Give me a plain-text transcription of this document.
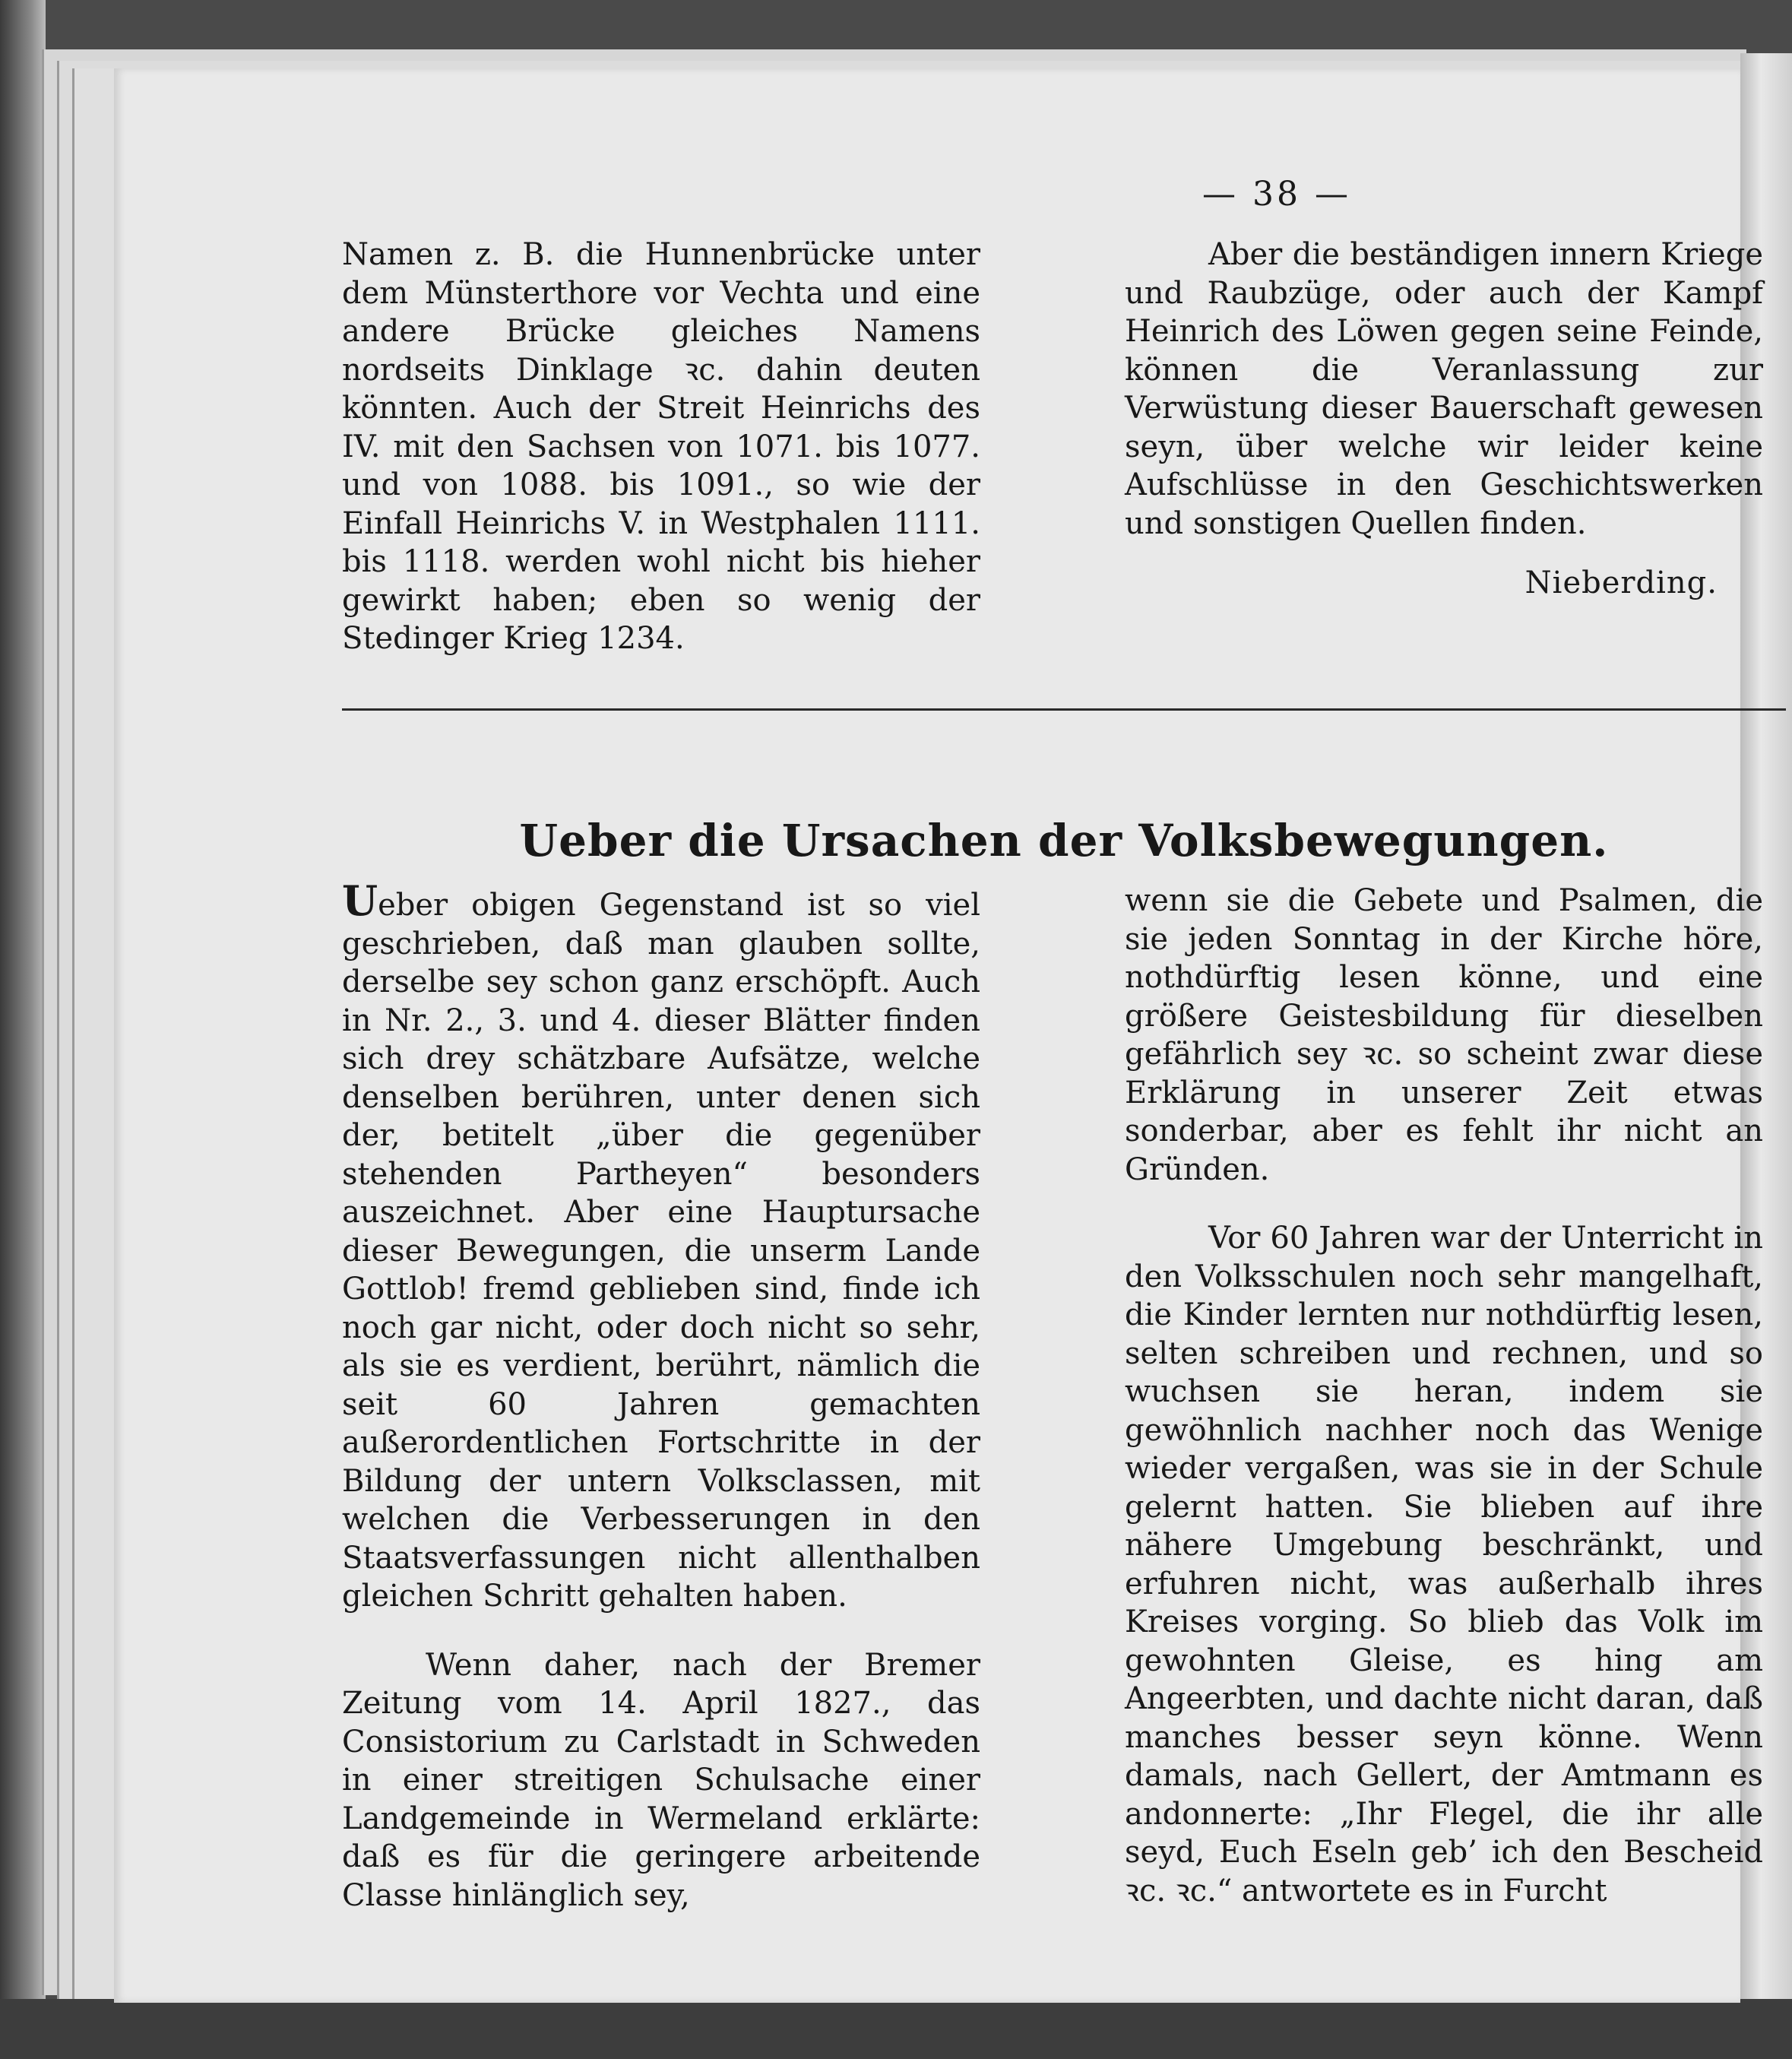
— 38 —

Namen z. B. die Hunnenbrücke unter dem Münsterthore vor Vechta und eine andere Brücke gleiches Namens nordseits Dinklage ꝛc. dahin deuten könnten. Auch der Streit Heinrichs des IV. mit den Sachsen von 1071. bis 1077. und von 1088. bis 1091., so wie der Einfall Heinrichs V. in Westphalen 1111. bis 1118. werden wohl nicht bis hieher gewirkt haben; eben so wenig der Stedinger Krieg 1234.

Aber die beständigen innern Kriege und Raubzüge, oder auch der Kampf Heinrich des Löwen gegen seine Feinde, können die Veranlassung zur Verwüstung dieser Bauerschaft gewesen seyn, über welche wir leider keine Aufschlüsse in den Geschichtswerken und sonstigen Quellen finden.

Nieberding.

Ueber die Ursachen der Volksbewegungen.

Ueber obigen Gegenstand ist so viel geschrieben, daß man glauben sollte, derselbe sey schon ganz erschöpft. Auch in Nr. 2., 3. und 4. dieser Blätter finden sich drey schätzbare Aufsätze, welche denselben berühren, unter denen sich der, betitelt „über die gegenüber stehenden Partheyen“ besonders auszeichnet. Aber eine Hauptursache dieser Bewegungen, die unserm Lande Gottlob! fremd geblieben sind, finde ich noch gar nicht, oder doch nicht so sehr, als sie es verdient, berührt, nämlich die seit 60 Jahren gemachten außerordentlichen Fortschritte in der Bildung der untern Volksclassen, mit welchen die Verbesserungen in den Staatsverfassungen nicht allenthalben gleichen Schritt gehalten haben.

Wenn daher, nach der Bremer Zeitung vom 14. April 1827., das Consistorium zu Carlstadt in Schweden in einer streitigen Schulsache einer Landgemeinde in Wermeland erklärte: daß es für die geringere arbeitende Classe hinlänglich sey,

wenn sie die Gebete und Psalmen, die sie jeden Sonntag in der Kirche höre, nothdürftig lesen könne, und eine größere Geistesbildung für dieselben gefährlich sey ꝛc. so scheint zwar diese Erklärung in unserer Zeit etwas sonderbar, aber es fehlt ihr nicht an Gründen.

Vor 60 Jahren war der Unterricht in den Volksschulen noch sehr mangelhaft, die Kinder lernten nur nothdürftig lesen, selten schreiben und rechnen, und so wuchsen sie heran, indem sie gewöhnlich nachher noch das Wenige wieder vergaßen, was sie in der Schule gelernt hatten. Sie blieben auf ihre nähere Umgebung beschränkt, und erfuhren nicht, was außerhalb ihres Kreises vorging. So blieb das Volk im gewohnten Gleise, es hing am Angeerbten, und dachte nicht daran, daß manches besser seyn könne. Wenn damals, nach Gellert, der Amtmann es andonnerte: „Ihr Flegel, die ihr alle seyd, Euch Eseln geb’ ich den Bescheid ꝛc. ꝛc.“ antwortete es in Furcht
